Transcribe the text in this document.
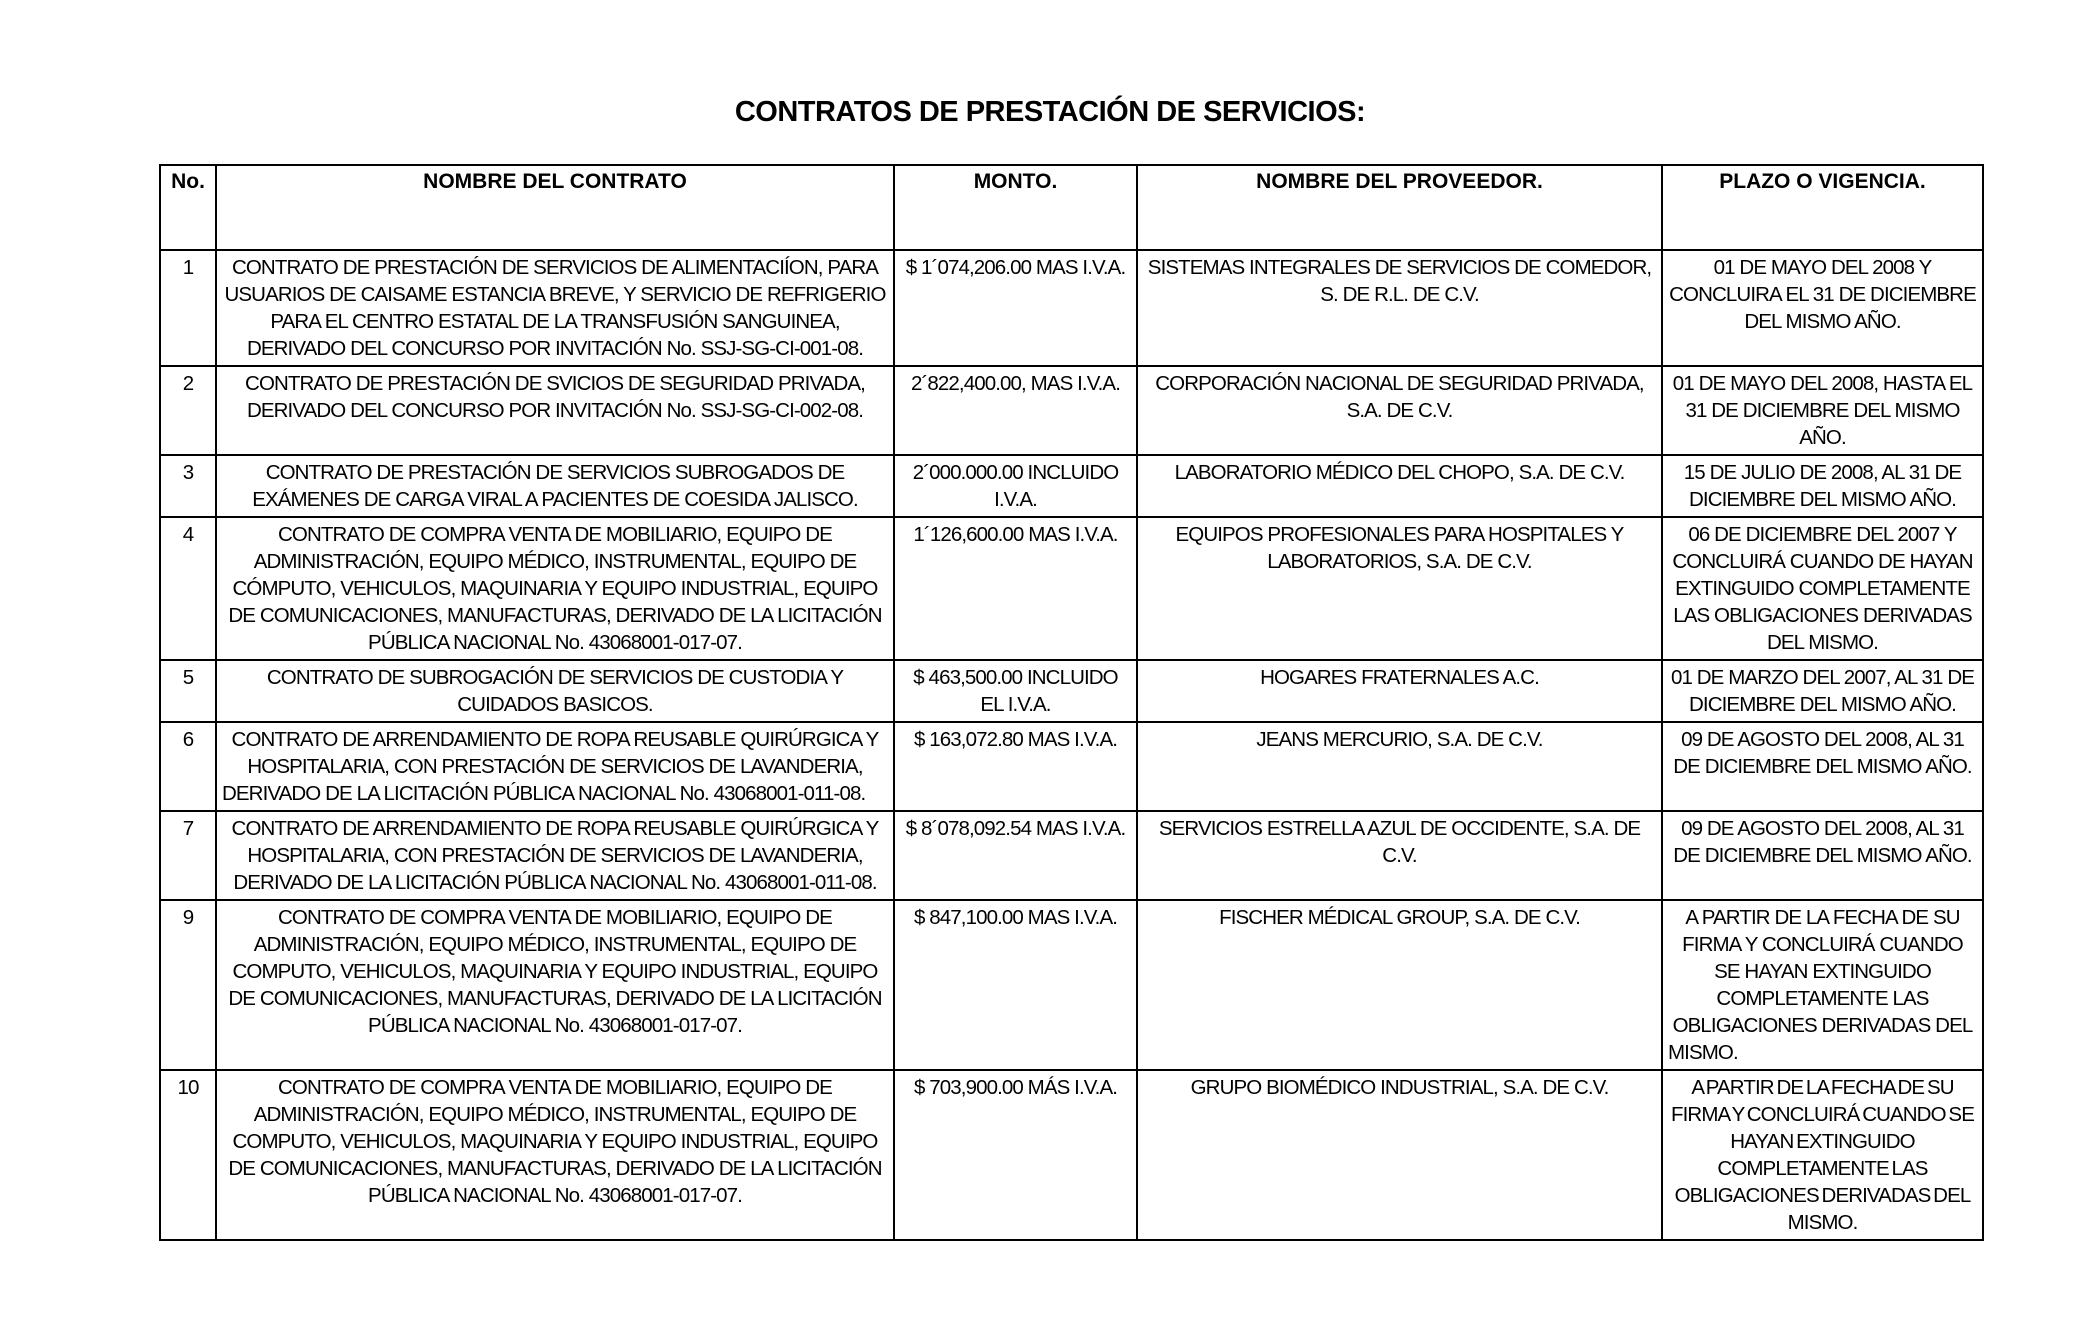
CONTRATOS DE PRESTACIÓN DE SERVICIOS:
No.	NOMBRE DEL CONTRATO	MONTO.	NOMBRE DEL PROVEEDOR.	PLAZO O VIGENCIA.
1	CONTRATO DE PRESTACIÓN DE SERVICIOS DE ALIMENTACIÍON, PARA USUARIOS DE CAISAME ESTANCIA BREVE, Y SERVICIO DE REFRIGERIO PARA EL CENTRO ESTATAL DE LA TRANSFUSIÓN SANGUINEA, DERIVADO DEL CONCURSO POR INVITACIÓN No. SSJ-SG-CI-001-08.	$ 1´074,206.00 MAS I.V.A.	SISTEMAS INTEGRALES DE SERVICIOS DE COMEDOR, S. DE R.L. DE C.V.	01 DE MAYO DEL 2008 Y CONCLUIRA EL 31 DE DICIEMBRE DEL MISMO AÑO.
2	CONTRATO DE PRESTACIÓN DE SVICIOS DE SEGURIDAD PRIVADA, DERIVADO DEL CONCURSO POR INVITACIÓN No. SSJ-SG-CI-002-08.	2´822,400.00, MAS I.V.A.	CORPORACIÓN NACIONAL DE SEGURIDAD PRIVADA, S.A. DE C.V.	01 DE MAYO DEL 2008, HASTA EL 31 DE DICIEMBRE DEL MISMO AÑO.
3	CONTRATO DE PRESTACIÓN DE SERVICIOS SUBROGADOS DE EXÁMENES DE CARGA VIRAL A PACIENTES DE COESIDA JALISCO.	2´000.000.00 INCLUIDO I.V.A.	LABORATORIO MÉDICO DEL CHOPO, S.A. DE C.V.	15 DE JULIO DE 2008, AL 31 DE DICIEMBRE DEL MISMO AÑO.
4	CONTRATO DE COMPRA VENTA DE MOBILIARIO, EQUIPO DE ADMINISTRACIÓN, EQUIPO MÉDICO, INSTRUMENTAL, EQUIPO DE CÓMPUTO, VEHICULOS, MAQUINARIA Y EQUIPO INDUSTRIAL, EQUIPO DE COMUNICACIONES, MANUFACTURAS, DERIVADO DE LA LICITACIÓN PÚBLICA NACIONAL No. 43068001-017-07.	1´126,600.00 MAS I.V.A.	EQUIPOS PROFESIONALES PARA HOSPITALES Y LABORATORIOS, S.A. DE C.V.	06 DE DICIEMBRE DEL 2007 Y CONCLUIRÁ CUANDO DE HAYAN EXTINGUIDO COMPLETAMENTE LAS OBLIGACIONES DERIVADAS DEL MISMO.
5	CONTRATO DE SUBROGACIÓN DE SERVICIOS DE CUSTODIA Y CUIDADOS BASICOS.	$ 463,500.00 INCLUIDO EL I.V.A.	HOGARES FRATERNALES A.C.	01 DE MARZO DEL 2007, AL 31 DE DICIEMBRE DEL MISMO AÑO.
6	CONTRATO DE ARRENDAMIENTO DE ROPA REUSABLE QUIRÚRGICA Y HOSPITALARIA, CON PRESTACIÓN DE SERVICIOS DE LAVANDERIA, DERIVADO DE LA LICITACIÓN PÚBLICA NACIONAL No. 43068001-011-08.	$ 163,072.80 MAS I.V.A.	JEANS MERCURIO, S.A. DE C.V.	09 DE AGOSTO DEL 2008, AL 31 DE DICIEMBRE DEL MISMO AÑO.
7	CONTRATO DE ARRENDAMIENTO DE ROPA REUSABLE QUIRÚRGICA Y HOSPITALARIA, CON PRESTACIÓN DE SERVICIOS DE LAVANDERIA, DERIVADO DE LA LICITACIÓN PÚBLICA NACIONAL No. 43068001-011-08.	$ 8´078,092.54 MAS I.V.A.	SERVICIOS ESTRELLA AZUL DE OCCIDENTE, S.A. DE C.V.	09 DE AGOSTO DEL 2008, AL 31 DE DICIEMBRE DEL MISMO AÑO.
9	CONTRATO DE COMPRA VENTA DE MOBILIARIO, EQUIPO DE ADMINISTRACIÓN, EQUIPO MÉDICO, INSTRUMENTAL, EQUIPO DE COMPUTO, VEHICULOS, MAQUINARIA Y EQUIPO INDUSTRIAL, EQUIPO DE COMUNICACIONES, MANUFACTURAS, DERIVADO DE LA LICITACIÓN PÚBLICA NACIONAL No. 43068001-017-07.	$ 847,100.00 MAS I.V.A.	FISCHER MÉDICAL GROUP, S.A. DE C.V.	A PARTIR DE LA FECHA DE SU FIRMA Y CONCLUIRÁ CUANDO SE HAYAN EXTINGUIDO COMPLETAMENTE LAS OBLIGACIONES DERIVADAS DEL MISMO.
10	CONTRATO DE COMPRA VENTA DE MOBILIARIO, EQUIPO DE ADMINISTRACIÓN, EQUIPO MÉDICO, INSTRUMENTAL, EQUIPO DE COMPUTO, VEHICULOS, MAQUINARIA Y EQUIPO INDUSTRIAL, EQUIPO DE COMUNICACIONES, MANUFACTURAS, DERIVADO DE LA LICITACIÓN PÚBLICA NACIONAL No. 43068001-017-07.	$ 703,900.00 MÁS I.V.A.	GRUPO BIOMÉDICO INDUSTRIAL, S.A. DE C.V.	A PARTIR DE LA FECHA DE SU FIRMA Y CONCLUIRÁ CUANDO SE HAYAN EXTINGUIDO COMPLETAMENTE LAS OBLIGACIONES DERIVADAS DEL MISMO.
